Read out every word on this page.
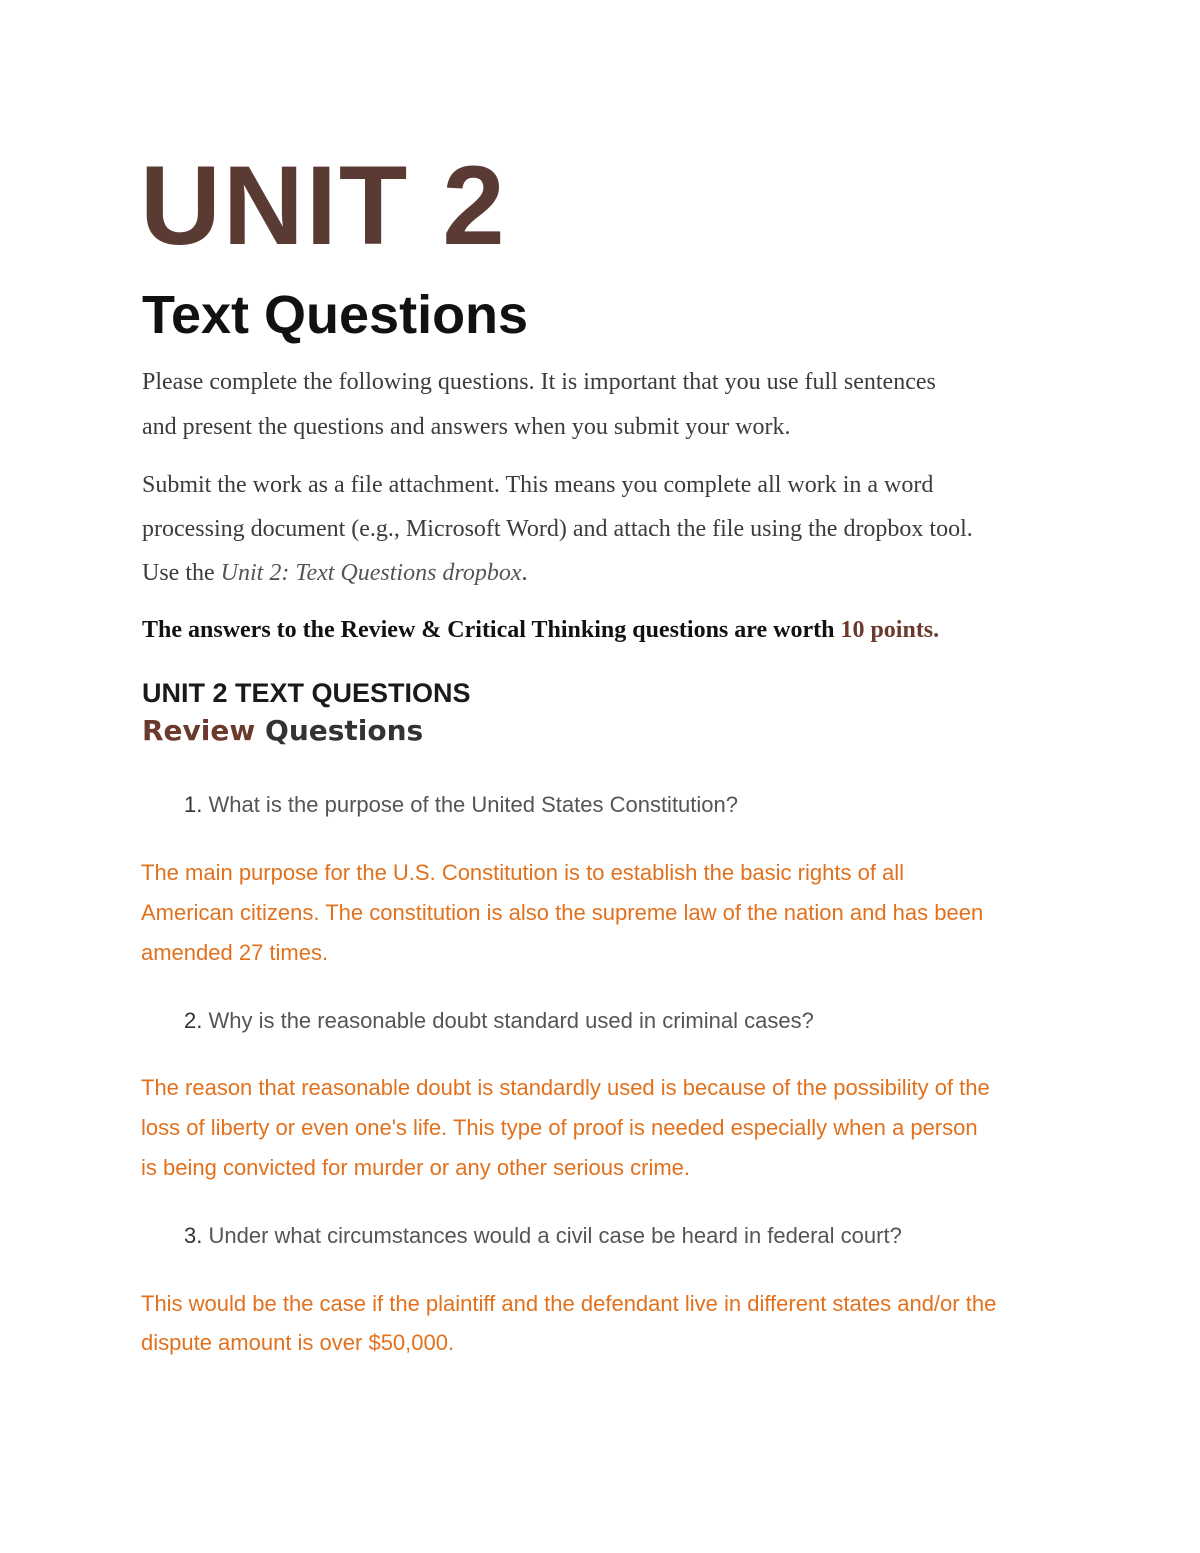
UNIT 2
Text Questions

Please complete the following questions. It is important that you use full sentences

and present the questions and answers when you submit your work.

Submit the work as a file attachment. This means you complete all work in a word

processing document (e.g., Microsoft Word) and attach the file using the dropbox tool.

Use the Unit 2: Text Questions dropbox.

The answers to the Review & Critical Thinking questions are worth 10 points.

UNIT 2 TEXT QUESTIONS
Review Questions

1. What is the purpose of the United States Constitution?

The main purpose for the U.S. Constitution is to establish the basic rights of all

American citizens. The constitution is also the supreme law of the nation and has been

amended 27 times.

2. Why is the reasonable doubt standard used in criminal cases?

The reason that reasonable doubt is standardly used is because of the possibility of the

loss of liberty or even one's life. This type of proof is needed especially when a person

is being convicted for murder or any other serious crime.

3. Under what circumstances would a civil case be heard in federal court?

This would be the case if the plaintiff and the defendant live in different states and/or the

dispute amount is over $50,000.
